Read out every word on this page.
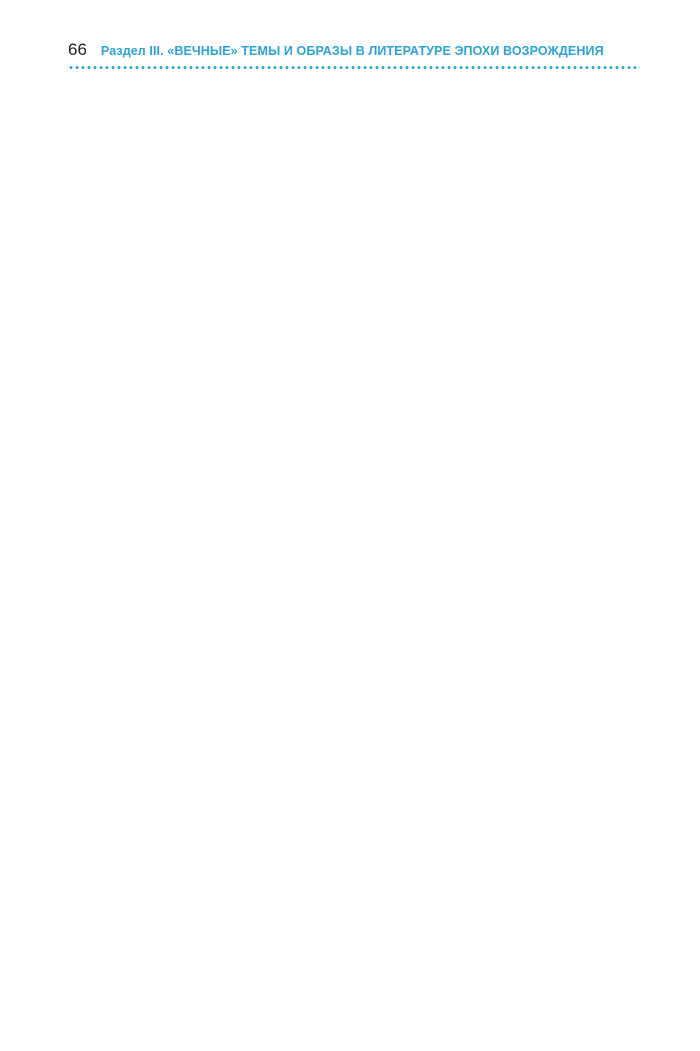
66 Раздел III. «ВЕЧНЫЕ» ТЕМЫ И ОБРАЗЫ В ЛИТЕРАТУРЕ ЭПОХИ ВОЗРОЖДЕНИЯ
